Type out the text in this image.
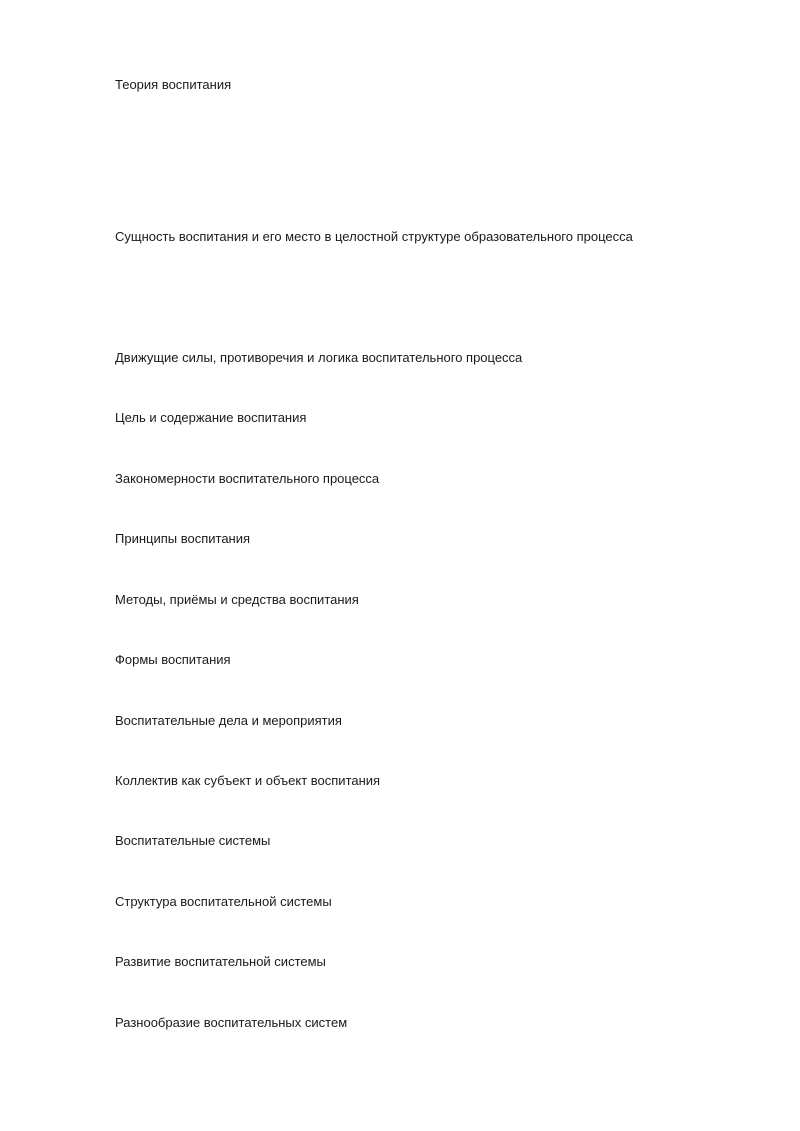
Теория воспитания
Сущность воспитания и его место в целостной структуре образовательного процесса
Движущие силы, противоречия и логика воспитательного процесса
Цель и содержание воспитания
Закономерности воспитательного процесса
Принципы воспитания
Методы, приёмы и средства воспитания
Формы воспитания
Воспитательные дела и мероприятия
Коллектив как субъект и объект воспитания
Воспитательные системы
Структура воспитательной системы
Развитие воспитательной системы
Разнообразие воспитательных систем
